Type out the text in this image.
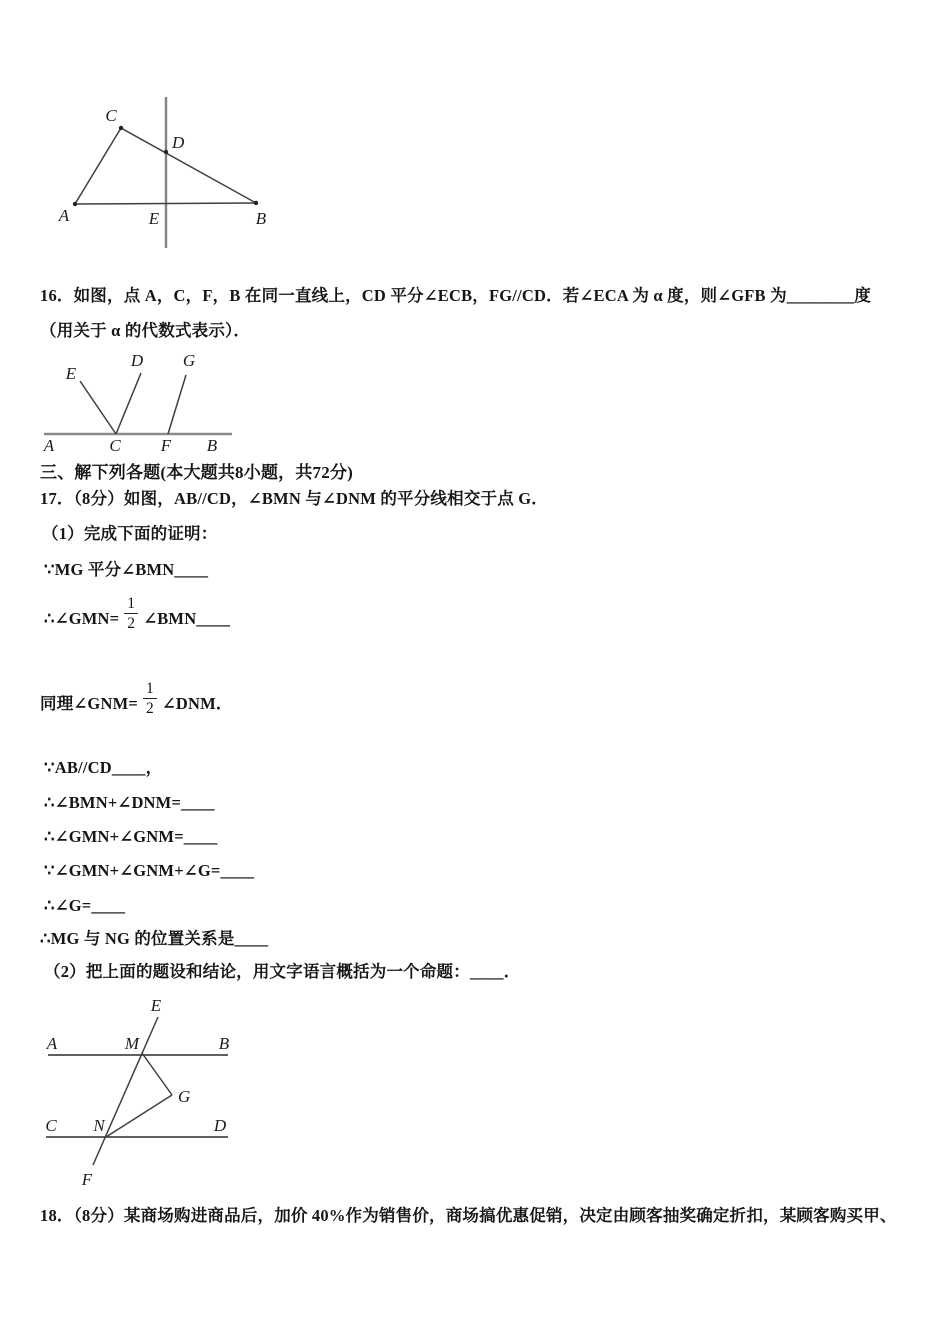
C
D
A	E	B
16．如图，点 A，C，F，B 在同一直线上，CD 平分∠ECB，FG//CD．若∠ECA 为 α 度，则∠GFB 为________度
（用关于 α 的代数式表示）．
E
D G
A	C F B
三、解下列各题(本大题共8小题，共72分)
17．（8分）如图，AB//CD，∠BMN 与∠DNM 的平分线相交于点 G．
（1）完成下面的证明：
∵MG 平分∠BMN____
∴∠GMN= $\frac{1}{2}$ ∠BMN____
同理∠GNM= $\frac{1}{2}$ ∠DNM．
∵AB//CD____，
∴∠BMN+∠DNM=____
∴∠GMN+∠GNM=____
∵∠GMN+∠GNM+∠G=____
∴∠G=____
∴MG 与 NG 的位置关系是____
（2）把上面的题设和结论，用文字语言概括为一个命题：____．
E
A	M	B
G
C N	D
F
18．（8分）某商场购进商品后，加价 40%作为销售价，商场搞优惠促销，决定由顾客抽奖确定折扣，某顾客购买甲、
